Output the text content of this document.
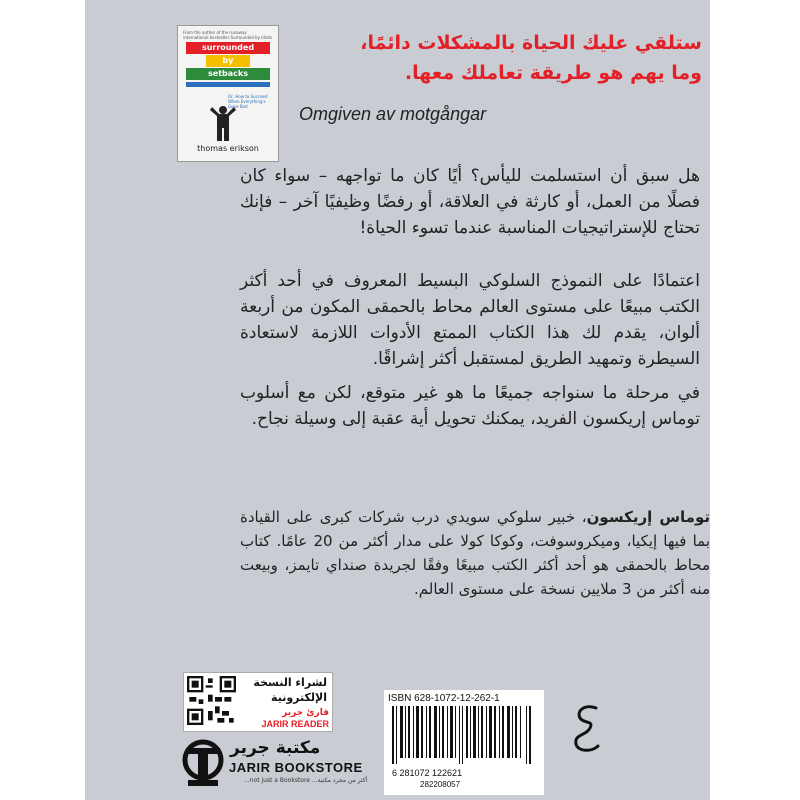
From the author of the runaway international bestseller Surrounded by Idiots
surrounded
by
setbacks
Or, How to Succeed When Everything's Gone Bad
thomas erikson
ستلقي عليك الحياة بالمشكلات دائمًا،
وما يهم هو طريقة تعاملك معها.
Omgiven av motgångar
هل سبق أن استسلمت لليأس؟ أيًا كان ما تواجهه – سواء كان فصلًا من العمل، أو كارثة في العلاقة، أو رفضًا وظيفيًا آخر – فإنك تحتاج للإستراتيجيات المناسبة عندما تسوء الحياة!
اعتمادًا على النموذج السلوكي البسيط المعروف في أحد أكثر الكتب مبيعًا على مستوى العالم محاط بالحمقى المكون من أربعة ألوان، يقدم لك هذا الكتاب الممتع الأدوات اللازمة لاستعادة السيطرة وتمهيد الطريق لمستقبل أكثر إشراقًا.
في مرحلة ما سنواجه جميعًا ما هو غير متوقع، لكن مع أسلوب توماس إريكسون الفريد، يمكنك تحويل أية عقبة إلى وسيلة نجاح.
توماس إريكسون، خبير سلوكي سويدي درب شركات كبرى على القيادة بما فيها إيكيا، وميكروسوفت، وكوكا كولا على مدار أكثر من 20 عامًا. كتاب محاط بالحمقى هو أحد أكثر الكتب مبيعًا وفقًا لجريدة صنداي تايمز، وبيعت منه أكثر من 3 ملايين نسخة على مستوى العالم.
لشراء النسخة
الإلكترونية
قارئ جرير
JARIR READER
ISBN 628-1072-12-262-1
6 281072 122621
282208057
مكتبة جرير
JARIR BOOKSTORE
...not just a Bookstore ...أكثر من مجرد مكتبة
